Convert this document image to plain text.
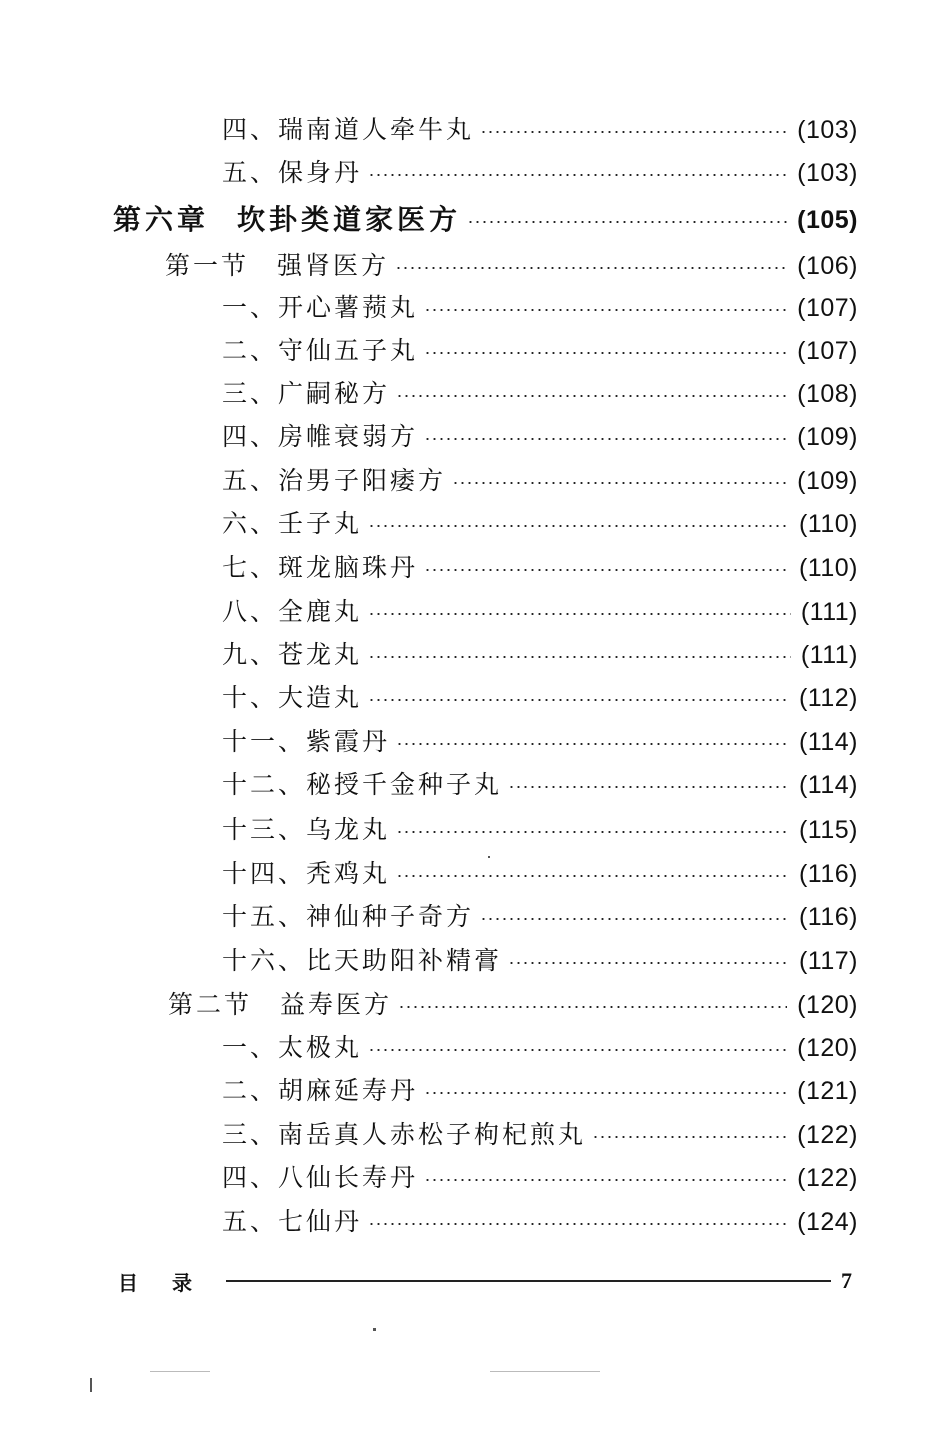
四、瑞南道人牵牛丸	(103)
五、保身丹	(103)
第六章 坎卦类道家医方	(105)
第一节 强肾医方	(106)
一、开心薯蓣丸	(107)
二、守仙五子丸	(107)
三、广嗣秘方	(108)
四、房帷衰弱方	(109)
五、治男子阳痿方	(109)
六、壬子丸	(110)
七、斑龙脑珠丹	(110)
八、全鹿丸	(111)
九、苍龙丸	(111)
十、大造丸	(112)
十一、紫霞丹	(114)
十二、秘授千金种子丸	(114)
十三、乌龙丸	(115)
十四、秃鸡丸	(116)
十五、神仙种子奇方	(116)
十六、比天助阳补精膏	(117)
第二节 益寿医方	(120)
一、太极丸	(120)
二、胡麻延寿丹	(121)
三、南岳真人赤松子枸杞煎丸	(122)
四、八仙长寿丹	(122)
五、七仙丹	(124)
目录	7
